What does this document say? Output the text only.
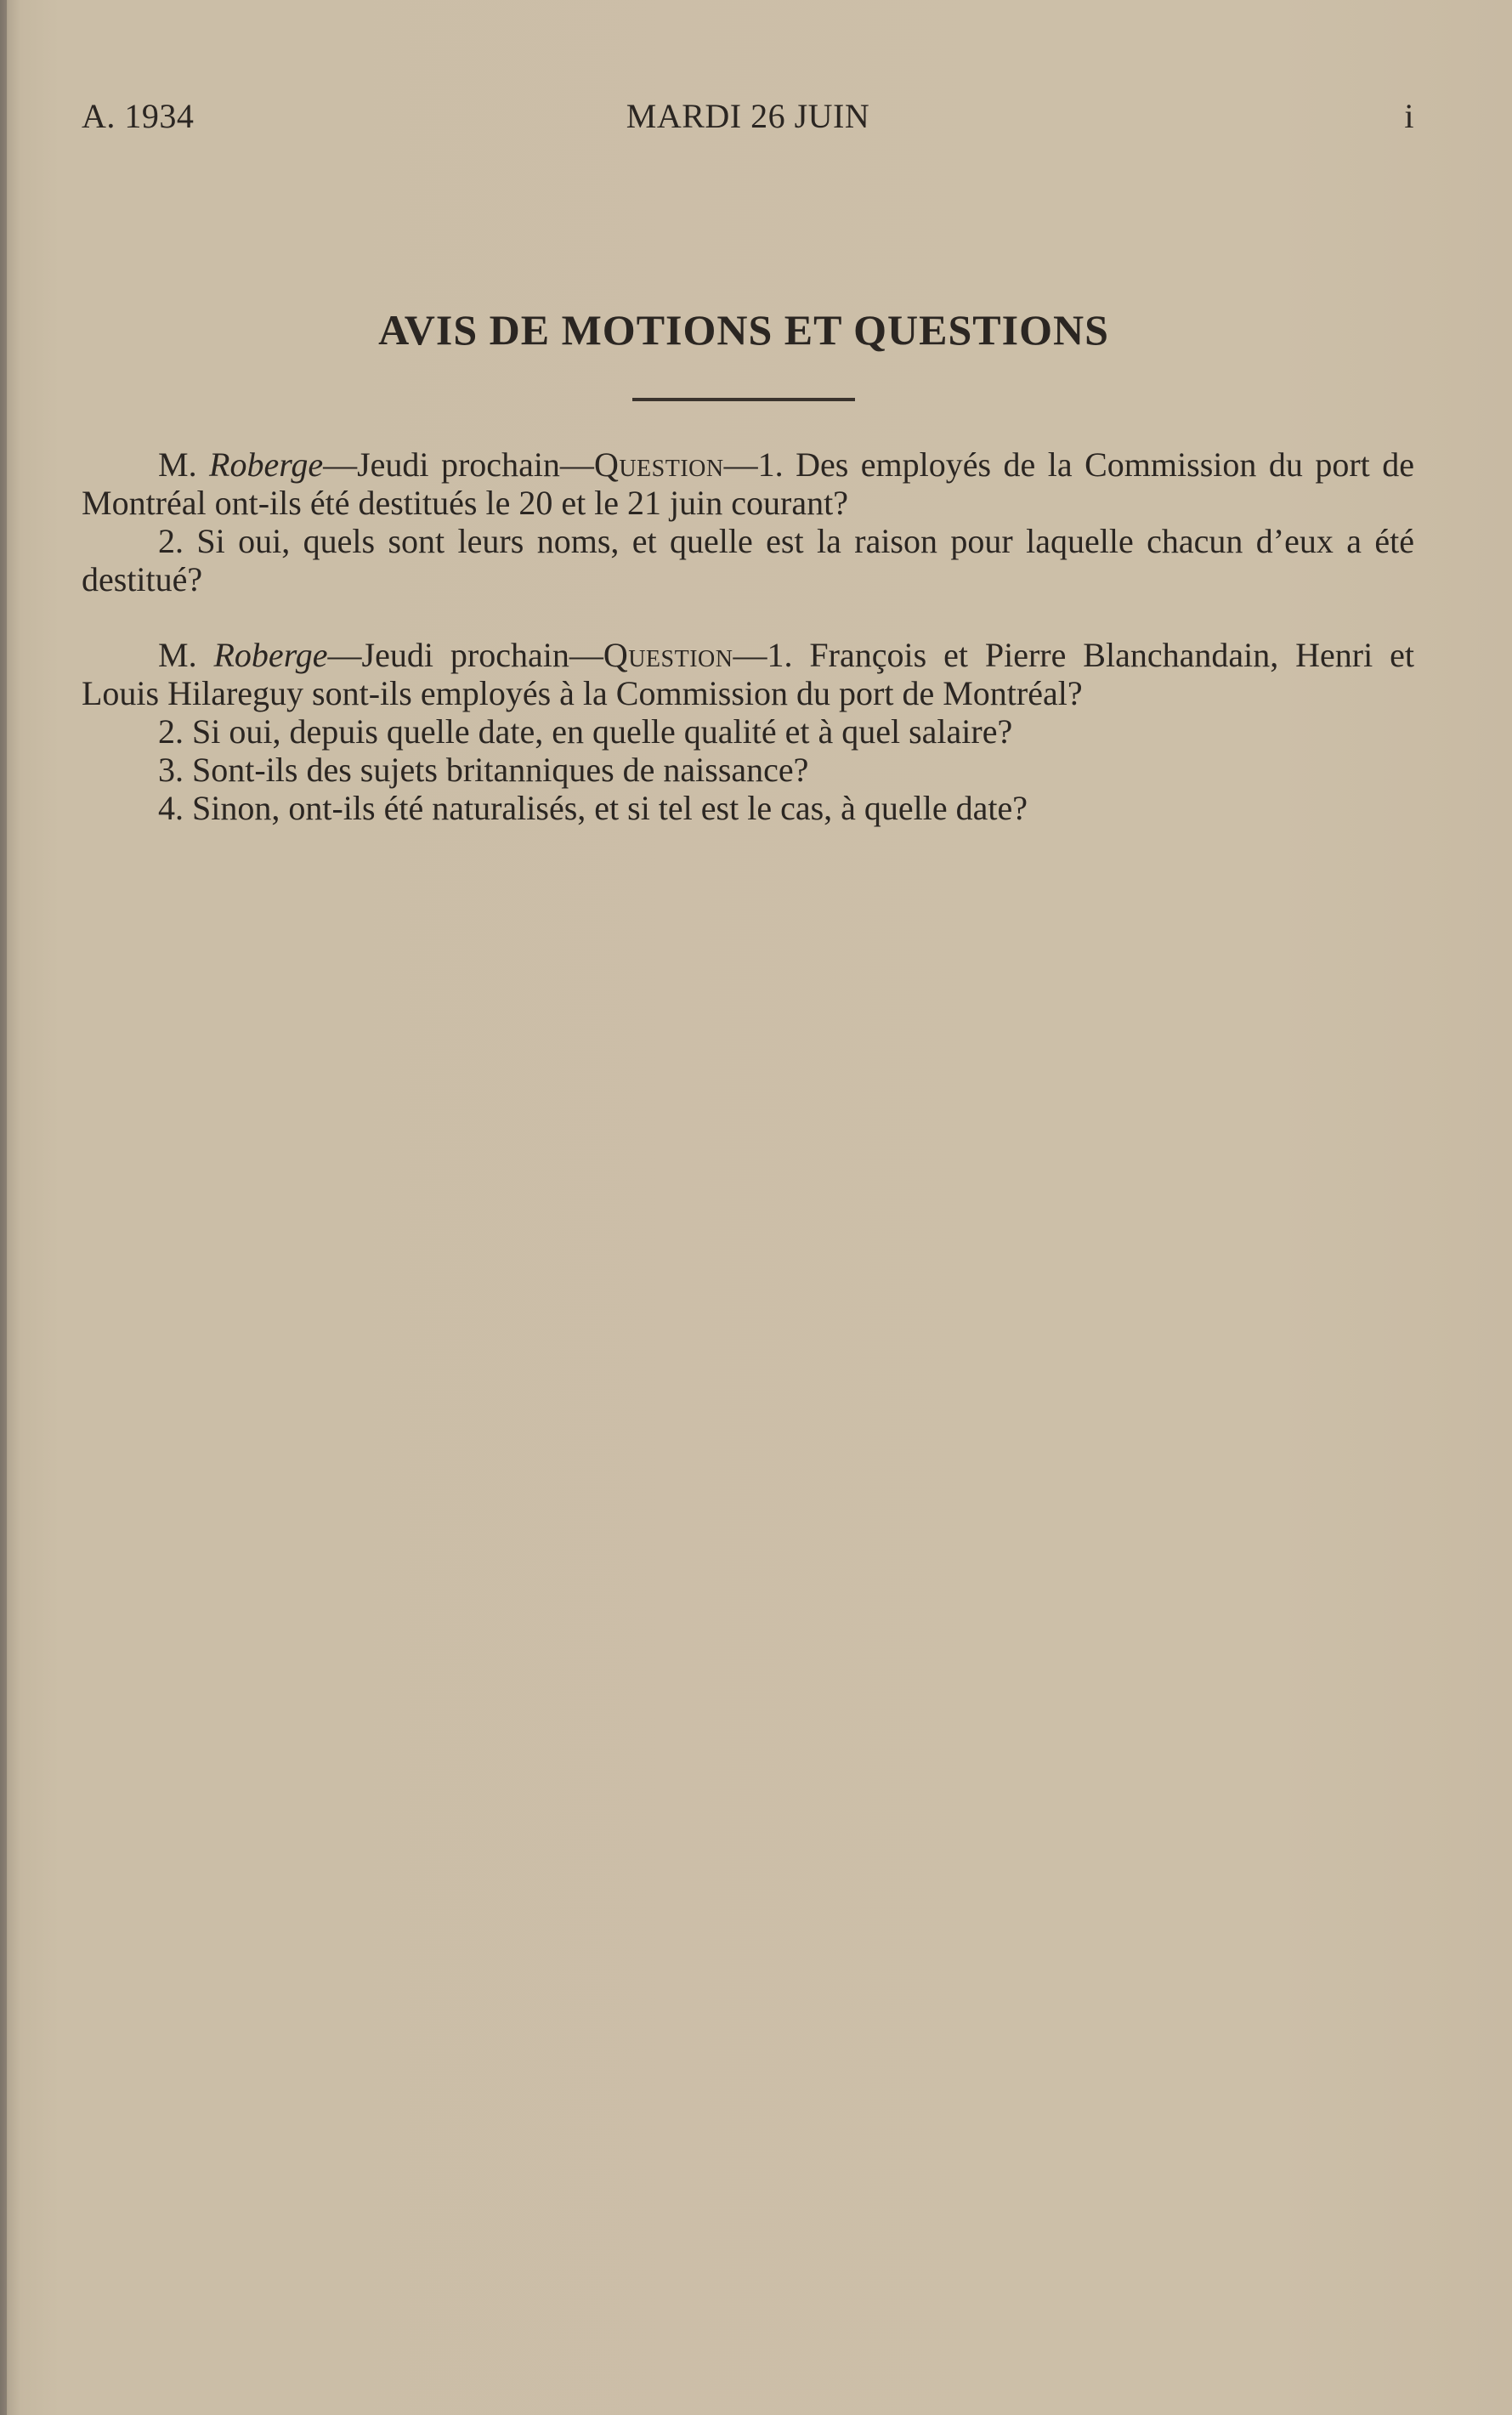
A. 1934	MARDI 26 JUIN	i
AVIS DE MOTIONS ET QUESTIONS

M. Roberge—Jeudi prochain—Question—1. Des employés de la Commission du port de Montréal ont-ils été destitués le 20 et le 21 juin courant?

2. Si oui, quels sont leurs noms, et quelle est la raison pour laquelle chacun d’eux a été destitué?

M. Roberge—Jeudi prochain—Question—1. François et Pierre Blanchandain, Henri et Louis Hilareguy sont-ils employés à la Commission du port de Montréal?

2. Si oui, depuis quelle date, en quelle qualité et à quel salaire?

3. Sont-ils des sujets britanniques de naissance?

4. Sinon, ont-ils été naturalisés, et si tel est le cas, à quelle date?
